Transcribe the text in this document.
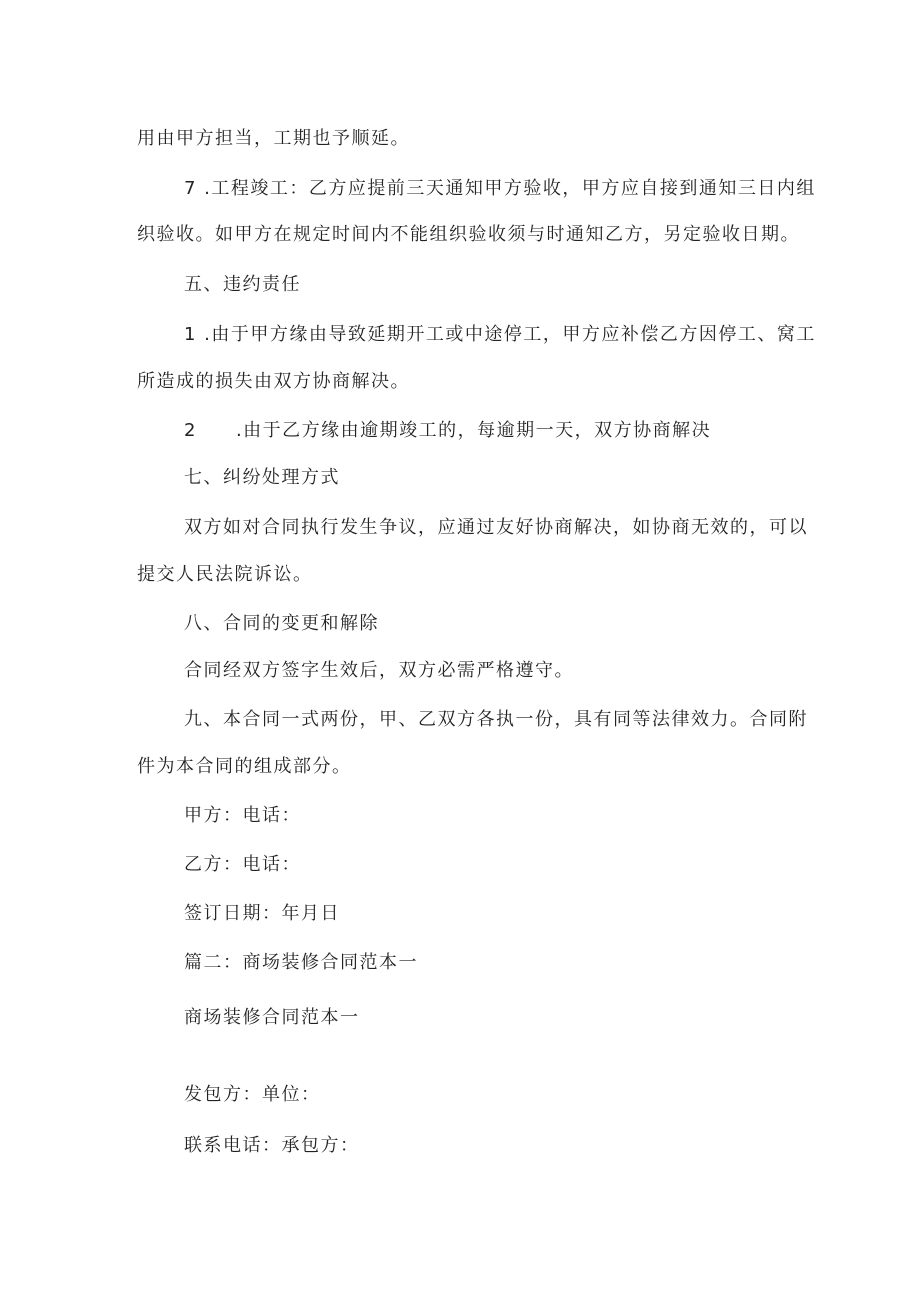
用由甲方担当，工期也予顺延。
7 .工程竣工：乙方应提前三天通知甲方验收，甲方应自接到通知三日内组
织验收。如甲方在规定时间内不能组织验收须与时通知乙方，另定验收日期。
五、违约责任
1 .由于甲方缘由导致延期开工或中途停工，甲方应补偿乙方因停工、窝工
所造成的损失由双方协商解决。
2　　.由于乙方缘由逾期竣工的，每逾期一天，双方协商解决
七、纠纷处理方式
双方如对合同执行发生争议，应通过友好协商解决，如协商无效的，可以
提交人民法院诉讼。
八、合同的变更和解除
合同经双方签字生效后，双方必需严格遵守。
九、本合同一式两份，甲、乙双方各执一份，具有同等法律效力。合同附
件为本合同的组成部分。
甲方：电话：
乙方：电话：
签订日期：年月日
篇二：商场装修合同范本一
商场装修合同范本一
发包方：单位：
联系电话：承包方：
